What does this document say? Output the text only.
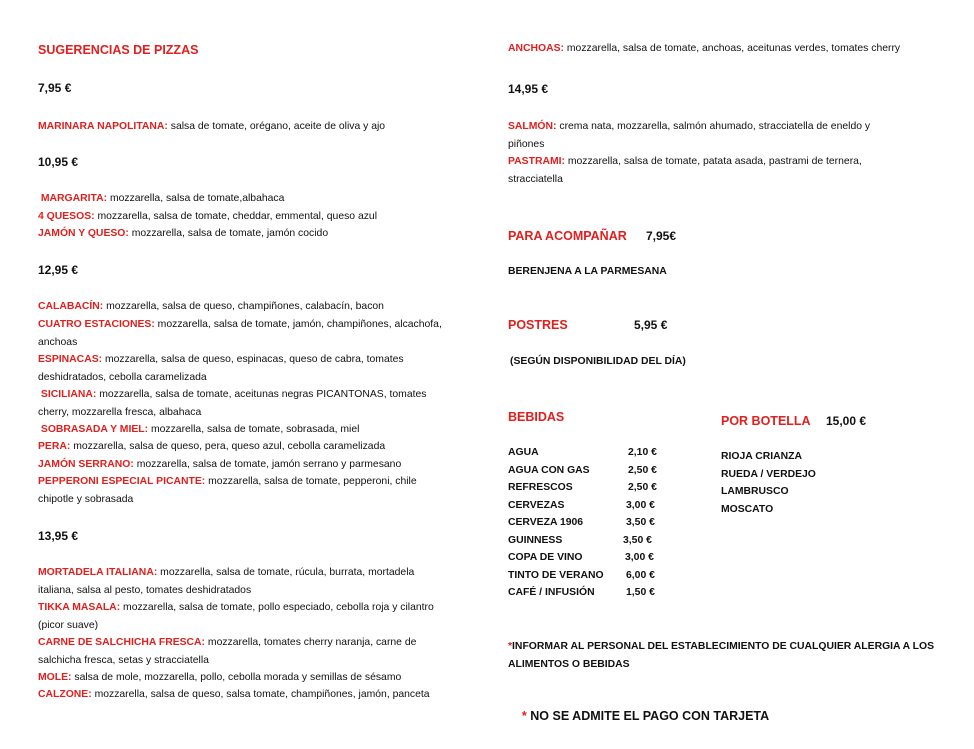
SUGERENCIAS DE PIZZAS
7,95 €
MARINARA NAPOLITANA: salsa de tomate, orégano, aceite de oliva y ajo
10,95 €
MARGARITA: mozzarella, salsa de tomate,albahaca
4 QUESOS: mozzarella, salsa de tomate, cheddar, emmental, queso azul
JAMÓN Y QUESO: mozzarella, salsa de tomate, jamón cocido
12,95 €
CALABACÍN: mozzarella, salsa de queso, champiñones, calabacín, bacon
CUATRO ESTACIONES: mozzarella, salsa de tomate, jamón, champiñones, alcachofa, anchoas
ESPINACAS: mozzarella, salsa de queso, espinacas, queso de cabra, tomates deshidratados, cebolla caramelizada
SICILIANA: mozzarella, salsa de tomate, aceitunas negras PICANTONAS, tomates cherry, mozzarella fresca, albahaca
SOBRASADA Y MIEL: mozzarella, salsa de tomate, sobrasada, miel
PERA: mozzarella, salsa de queso, pera, queso azul, cebolla caramelizada
JAMÓN SERRANO: mozzarella, salsa de tomate, jamón serrano y parmesano
PEPPERONI ESPECIAL PICANTE: mozzarella, salsa de tomate, pepperoni, chile chipotle y sobrasada
13,95 €
MORTADELA ITALIANA: mozzarella, salsa de tomate, rúcula, burrata, mortadela italiana, salsa al pesto, tomates deshidratados
TIKKA MASALA: mozzarella, salsa de tomate, pollo especiado, cebolla roja y cilantro (picor suave)
CARNE DE SALCHICHA FRESCA: mozzarella, tomates cherry naranja, carne de salchicha fresca, setas y stracciatella
MOLE: salsa de mole, mozzarella, pollo, cebolla morada y semillas de sésamo
CALZONE: mozzarella, salsa de queso, salsa tomate, champiñones, jamón, panceta
ANCHOAS: mozzarella, salsa de tomate, anchoas, aceitunas verdes, tomates cherry
14,95 €
SALMÓN: crema nata, mozzarella, salmón ahumado, stracciatella de eneldo y piñones
PASTRAMI: mozzarella, salsa de tomate, patata asada, pastrami de ternera, stracciatella
PARA ACOMPAÑAR 7,95€
BERENJENA A LA PARMESANA
POSTRES	5,95 €
(SEGÚN DISPONIBILIDAD DEL DÍA)
BEBIDAS
AGUA	2,10 €
AGUA CON GAS	2,50 €
REFRESCOS	2,50 €
CERVEZAS	3,00 €
CERVEZA 1906	3,50 €
GUINNESS	3,50 €
COPA DE VINO	3,00 €
TINTO DE VERANO 6,00 €
CAFÉ / INFUSIÓN	1,50 €
POR BOTELLA 15,00 €
RIOJA CRIANZA
RUEDA / VERDEJO
LAMBRUSCO
MOSCATO
*INFORMAR AL PERSONAL DEL ESTABLECIMIENTO DE CUALQUIER ALERGIA A LOS ALIMENTOS O BEBIDAS

* NO SE ADMITE EL PAGO CON TARJETA
